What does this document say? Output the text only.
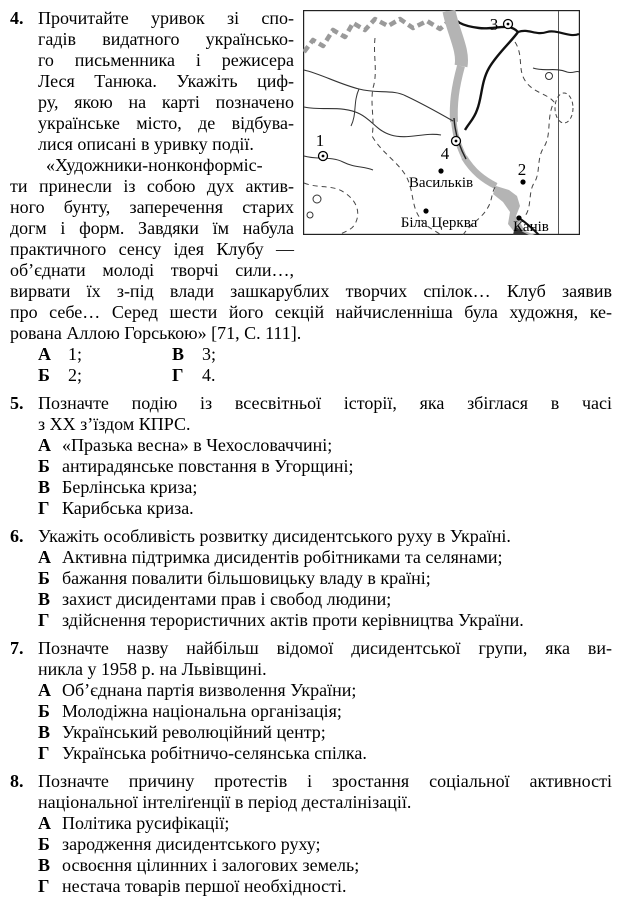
1
3
4
2
Васильків
Біла Церква Канів
4. Прочитайте уривок зі спо-
гадів видатного українсько-
го письменника і режисера
Леся Танюка. Укажіть циф-
ру, якою на карті позначено
українське місто, де відбува-
лися описані в уривку події.
«Художники-нонконформіс-
ти принесли із собою дух актив-
ного бунту, заперечення старих
догм і форм. Завдяки їм набула
практичного сенсу ідея Клубу —
об’єднати молоді творчі сили…,
вирвати їх з-під влади зашкарублих творчих спілок… Клуб заявив
про себе… Серед шести його секцій найчисленніша була художня, ке-
рована Аллою Горською» [71, С. 111].
А 1;	В 3;
Б	2;	Г	4.
5. Позначте подію із всесвітньої історії, яка збіглася в часі
з ХХ з’їздом КПРС.
А «Празька весна» в Чехословаччині;
Б антирадянське повстання в Угорщині;
В Берлінська криза;
Г Карибська криза.
6. Укажіть особливість розвитку дисидентського руху в Україні.
А Активна підтримка дисидентів робітниками та селянами;
Б бажання повалити більшовицьку владу в країні;
В захист дисидентами прав і свобод людини;
Г здійснення терористичних актів проти керівництва України.
7. Позначте назву найбільш відомої дисидентської групи, яка ви-
никла у 1958 р. на Львівщині.
А Об’єднана партія визволення України;
Б Молодіжна національна організація;
В Український революційний центр;
Г Українська робітничо-селянська спілка.
8. Позначте причину протестів і зростання соціальної активності
національної інтеліґенції в період десталінізації.
А Політика русифікації;
Б зародження дисидентського руху;
В освоєння цілинних і залогових земель;
Г нестача товарів першої необхідності.
